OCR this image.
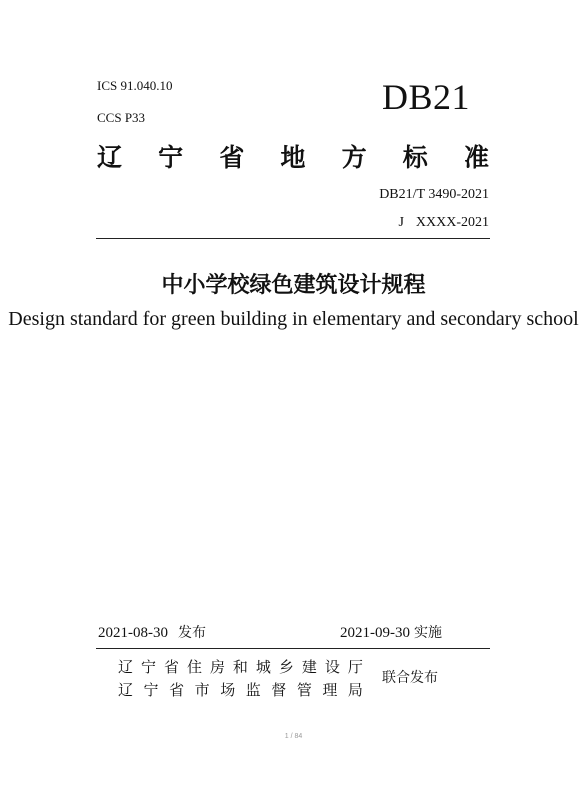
ICS 91.040.10
CCS P33
DB21
辽 宁 省 地 方 标 准
DB21/T 3490-2021
J XXXX-2021
中小学校绿色建筑设计规程
Design standard for green building in elementary and secondary school
2021-08-30 发布	2021-09-30 实施
辽 宁 省 住 房 和 城 乡 建 设 厅
辽 宁 省 市 场 监 督 管 理 局
联合发布
1 / 84
